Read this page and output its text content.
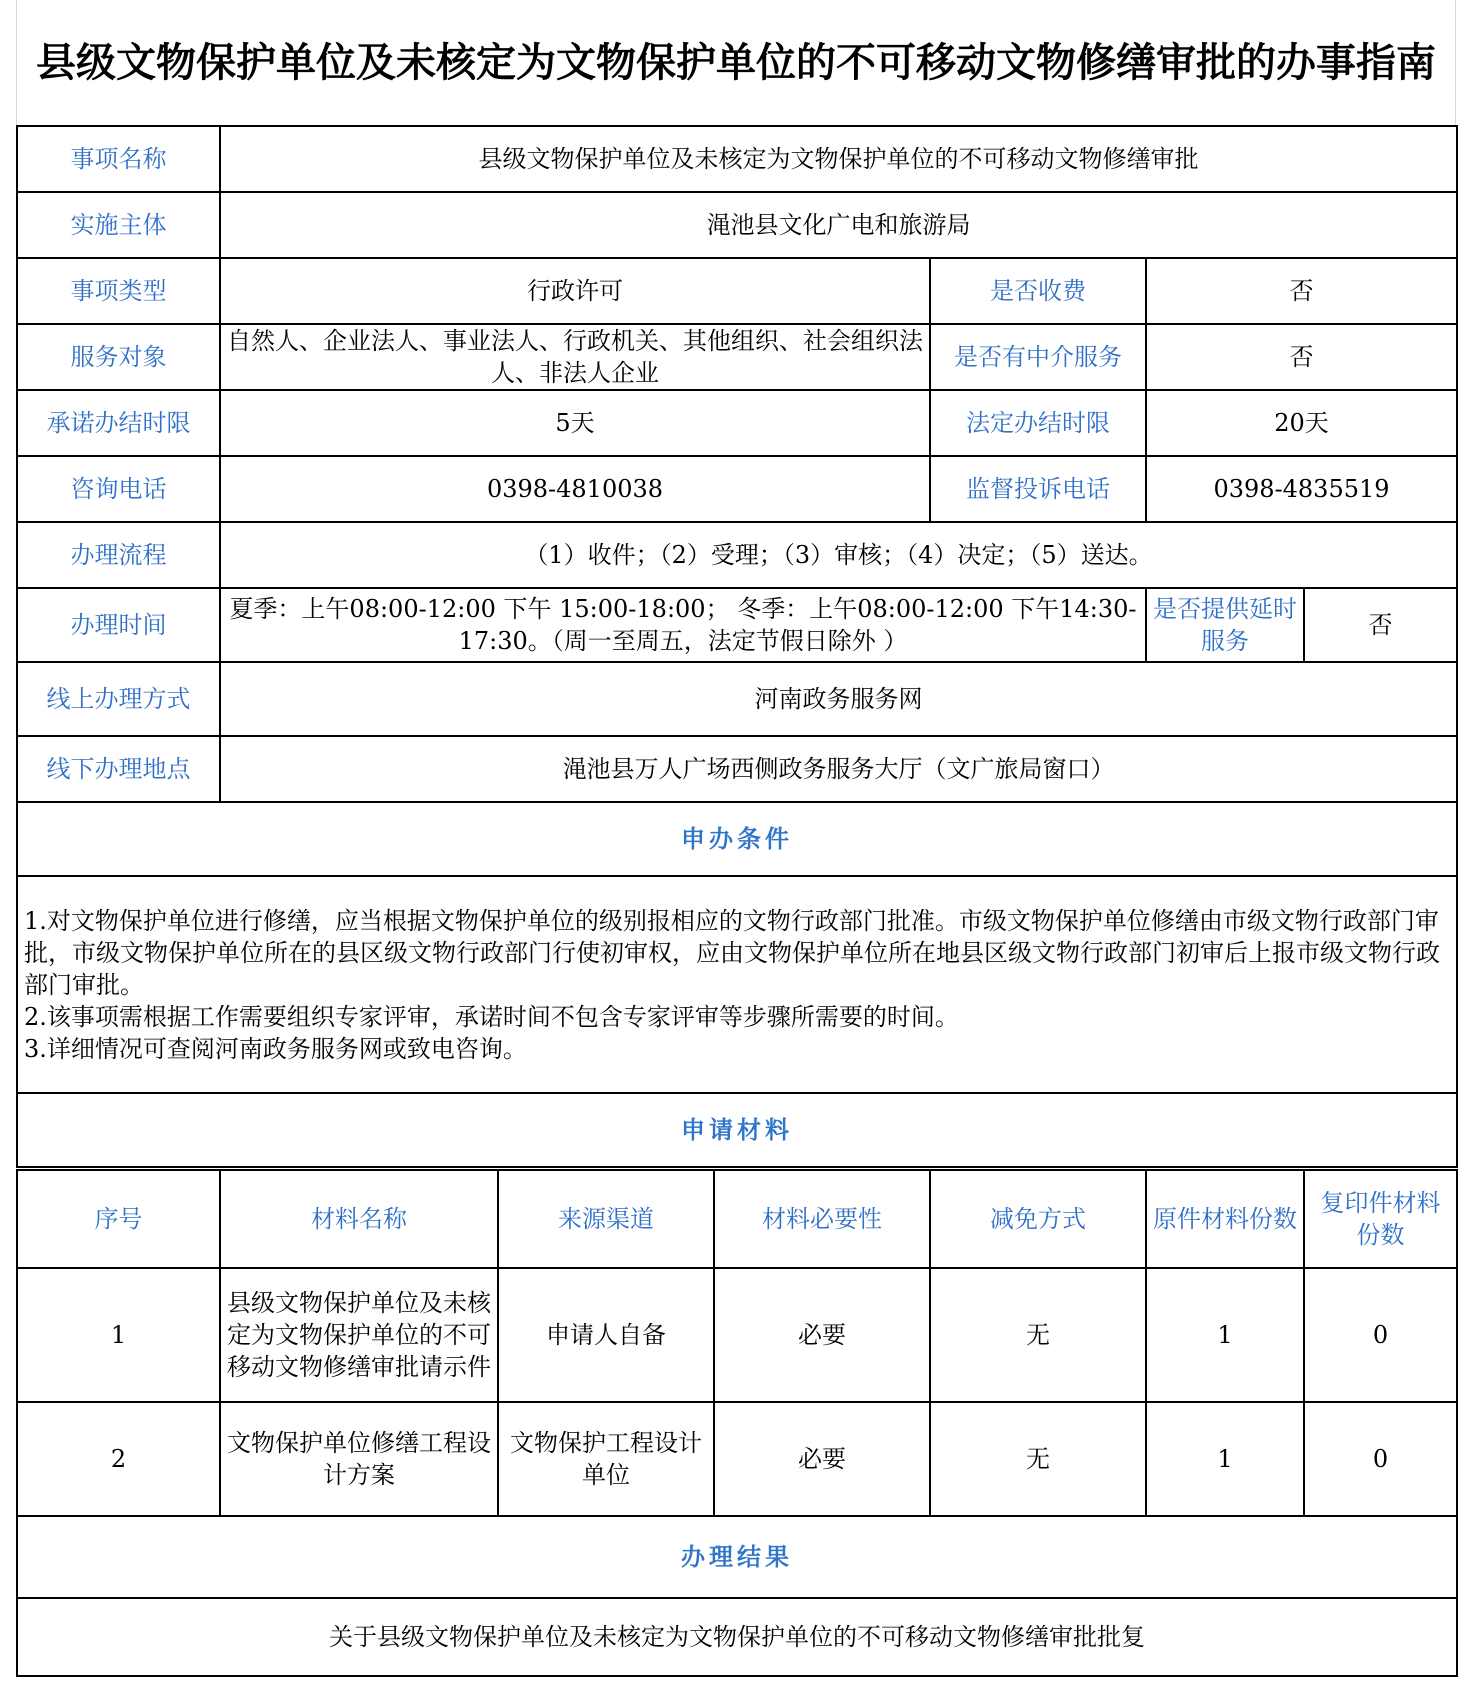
县级文物保护单位及未核定为文物保护单位的不可移动文物修缮审批的办事指南
事项名称	县级文物保护单位及未核定为文物保护单位的不可移动文物修缮审批			
实施主体	渑池县文化广电和旅游局			
事项类型	行政许可	是否收费	否	
服务对象	自然人、企业法人、事业法人、行政机关、其他组织、社会组织法人、非法人企业	是否有中介服务	否	
承诺办结时限	5天	法定办结时限	20天	
咨询电话	0398-4810038	监督投诉电话	0398-4835519	
办理流程	（1）收件；（2）受理；（3）审核；（4）决定；（5）送达。			
办理时间	夏季：上午08:00-12:00 下午 15:00-18:00； 冬季：上午08:00-12:00 下午14:30-17:30。（周一至周五，法定节假日除外 ）		是否提供延时服务	否
线上办理方式	河南政务服务网			
线下办理地点	渑池县万人广场西侧政务服务大厅（文广旅局窗口）			
申办条件				

1.对文物保护单位进行修缮，应当根据文物保护单位的级别报相应的文物行政部门批准。市级文物保护单位修缮由市级文物行政部门审批，市级文物保护单位所在的县区级文物行政部门行使初审权，应由文物保护单位所在地县区级文物行政部门初审后上报市级文物行政部门审批。
2.该事项需根据工作需要组织专家评审，承诺时间不包含专家评审等步骤所需要的时间。
3.详细情况可查阅河南政务服务网或致电咨询。				

申请材料				
序号	材料名称	来源渠道	材料必要性	减免方式	原件材料份数	复印件材料份数
1	县级文物保护单位及未核定为文物保护单位的不可移动文物修缮审批请示件	申请人自备	必要	无	1	0
2	文物保护单位修缮工程设计方案	文物保护工程设计单位	必要	无	1	0
办理结果
关于县级文物保护单位及未核定为文物保护单位的不可移动文物修缮审批批复
